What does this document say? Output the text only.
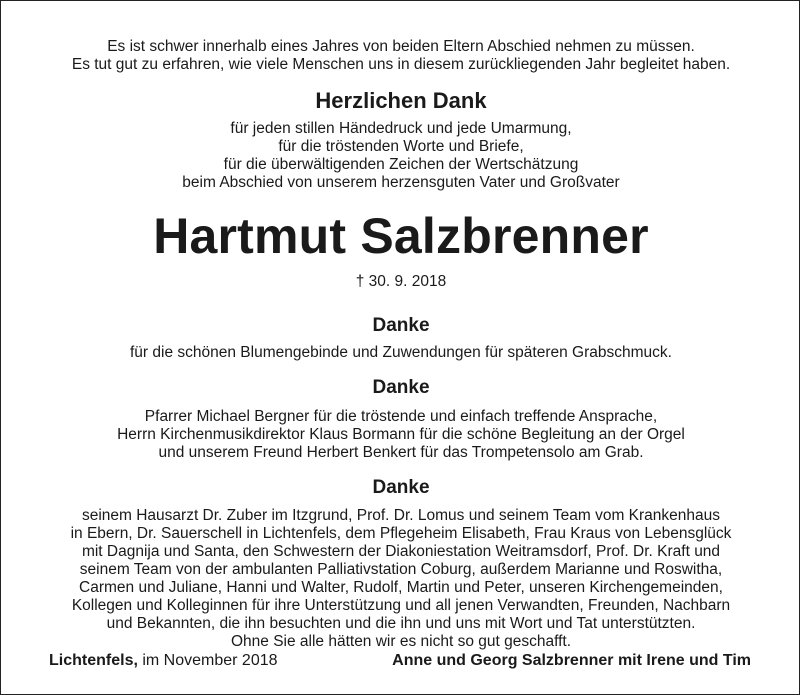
Es ist schwer innerhalb eines Jahres von beiden Eltern Abschied nehmen zu müssen.
Es tut gut zu erfahren, wie viele Menschen uns in diesem zurückliegenden Jahr begleitet haben.
Herzlichen Dank
für jeden stillen Händedruck und jede Umarmung,
für die tröstenden Worte und Briefe,
für die überwältigenden Zeichen der Wertschätzung
beim Abschied von unserem herzensguten Vater und Großvater
Hartmut Salzbrenner
† 30. 9. 2018
Danke
für die schönen Blumengebinde und Zuwendungen für späteren Grabschmuck.
Danke
Pfarrer Michael Bergner für die tröstende und einfach treffende Ansprache,
Herrn Kirchenmusikdirektor Klaus Bormann für die schöne Begleitung an der Orgel
und unserem Freund Herbert Benkert für das Trompetensolo am Grab.
Danke
seinem Hausarzt Dr. Zuber im Itzgrund, Prof. Dr. Lomus und seinem Team vom Krankenhaus
in Ebern, Dr. Sauerschell in Lichtenfels, dem Pflegeheim Elisabeth, Frau Kraus von Lebensglück
mit Dagnija und Santa, den Schwestern der Diakoniestation Weitramsdorf, Prof. Dr. Kraft und
seinem Team von der ambulanten Palliativstation Coburg, außerdem Marianne und Roswitha,
Carmen und Juliane, Hanni und Walter, Rudolf, Martin und Peter, unseren Kirchengemeinden,
Kollegen und Kolleginnen für ihre Unterstützung und all jenen Verwandten, Freunden, Nachbarn
und Bekannten, die ihn besuchten und die ihn und uns mit Wort und Tat unterstützten.
Ohne Sie alle hätten wir es nicht so gut geschafft.
Lichtenfels, im November 2018	Anne und Georg Salzbrenner mit Irene und Tim
